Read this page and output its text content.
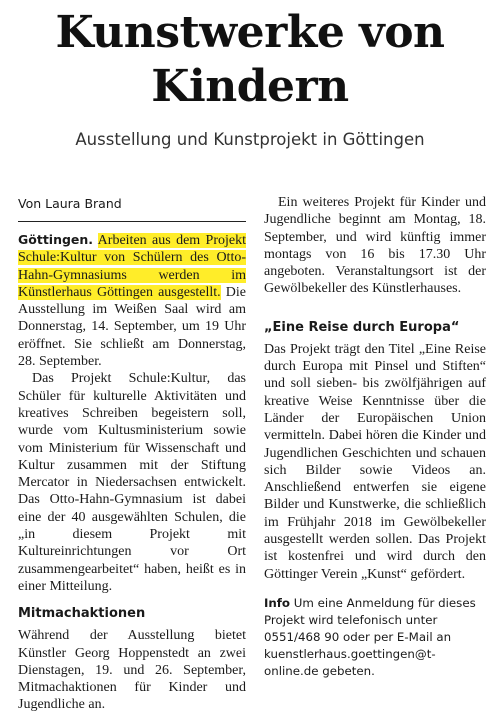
Kunstwerke von Kindern
Ausstellung und Kunstprojekt in Göttingen
Von Laura Brand

Göttingen. Arbeiten aus dem Projekt Schule:Kultur von Schülern des Otto-Hahn-Gymnasiums werden im Künstlerhaus Göttingen ausgestellt. Die Ausstellung im Weißen Saal wird am Donnerstag, 14. September, um 19 Uhr eröffnet. Sie schließt am Donnerstag, 28. September.

Das Projekt Schule:Kultur, das Schüler für kulturelle Aktivitäten und kreatives Schreiben begeistern soll, wurde vom Kultusministerium sowie vom Ministerium für Wissenschaft und Kultur zusammen mit der Stiftung Mercator in Niedersachsen entwickelt. Das Otto-Hahn-Gymnasium ist dabei eine der 40 ausgewählten Schulen, die „in diesem Projekt mit Kultureinrichtungen vor Ort zusammengearbeitet“ haben, heißt es in einer Mitteilung.

Mitmachaktionen

Während der Ausstellung bietet Künstler Georg Hoppenstedt an zwei Dienstagen, 19. und 26. September, Mitmachaktionen für Kinder und Jugendliche an.

Ein weiteres Projekt für Kinder und Jugendliche beginnt am Montag, 18. September, und wird künftig immer montags von 16 bis 17.30 Uhr angeboten. Veranstaltungsort ist der Gewölbekeller des Künstlerhauses.

„Eine Reise durch Europa“

Das Projekt trägt den Titel „Eine Reise durch Europa mit Pinsel und Stiften“ und soll sieben- bis zwölfjährigen auf kreative Weise Kenntnisse über die Länder der Europäischen Union vermitteln. Dabei hören die Kinder und Jugendlichen Geschichten und schauen sich Bilder sowie Videos an. Anschließend entwerfen sie eigene Bilder und Kunstwerke, die schließlich im Frühjahr 2018 im Gewölbekeller ausgestellt werden sollen. Das Projekt ist kostenfrei und wird durch den Göttinger Verein „Kunst“ gefördert.

Info Um eine Anmeldung für dieses Projekt wird telefonisch unter 0551/468 90 oder per E-Mail an kuenstlerhaus.goettingen@t-online.de gebeten.
